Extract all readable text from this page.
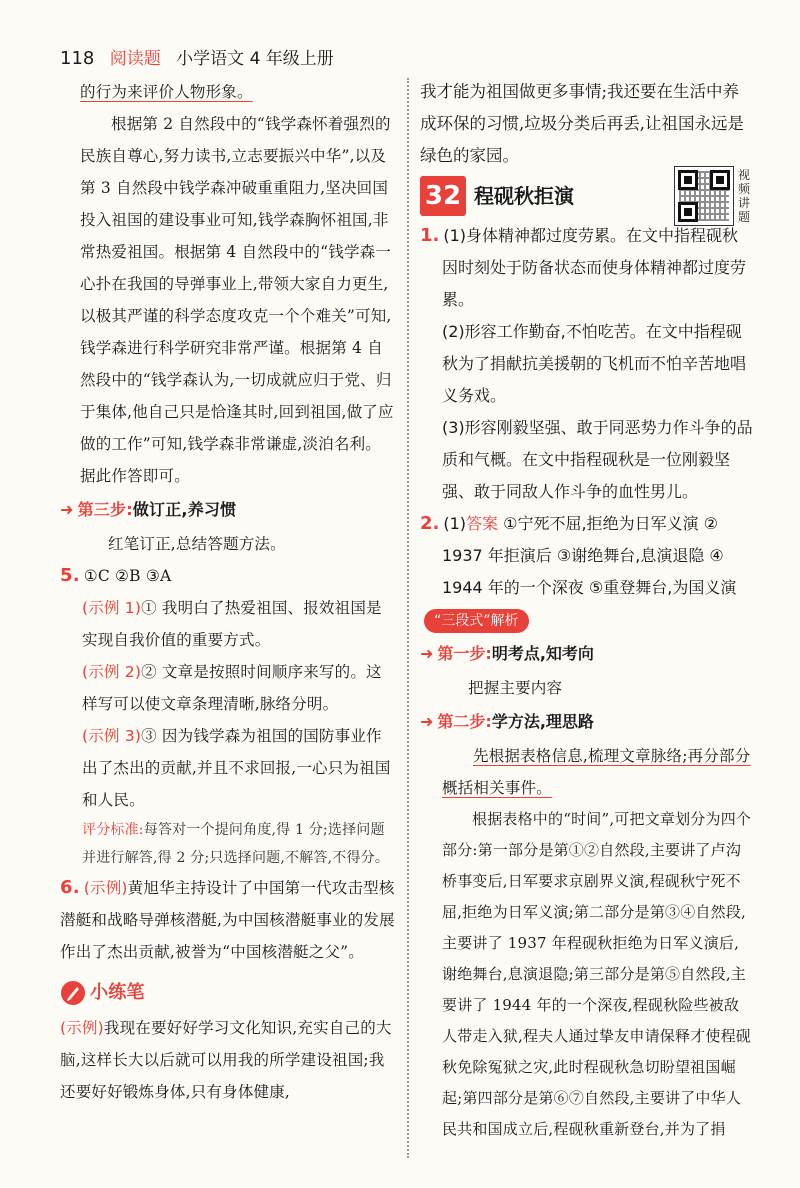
118 阅读题 小学语文 4 年级上册

的行为来评价人物形象。

根据第 2 自然段中的“钱学森怀着强烈的民族自尊心,努力读书,立志要振兴中华”,以及第 3 自然段中钱学森冲破重重阻力,坚决回国投入祖国的建设事业可知,钱学森胸怀祖国,非常热爱祖国。根据第 4 自然段中的“钱学森一心扑在我国的导弹事业上,带领大家自力更生,以极其严谨的科学态度攻克一个个难关”可知,钱学森进行科学研究非常严谨。根据第 4 自然段中的“钱学森认为,一切成就应归于党、归于集体,他自己只是恰逢其时,回到祖国,做了应做的工作”可知,钱学森非常谦虚,淡泊名利。据此作答即可。

➜ 第三步:做订正,养习惯

红笔订正,总结答题方法。

5. ①C ②B ③A

(示例 1)① 我明白了热爱祖国、报效祖国是实现自我价值的重要方式。

(示例 2)② 文章是按照时间顺序来写的。这样写可以使文章条理清晰,脉络分明。

(示例 3)③ 因为钱学森为祖国的国防事业作出了杰出的贡献,并且不求回报,一心只为祖国和人民。

评分标准:每答对一个提问角度,得 1 分;选择问题并进行解答,得 2 分;只选择问题,不解答,不得分。

6. (示例)黄旭华主持设计了中国第一代攻击型核潜艇和战略导弹核潜艇,为中国核潜艇事业的发展作出了杰出贡献,被誉为“中国核潜艇之父”。

小练笔

(示例)我现在要好好学习文化知识,充实自己的大脑,这样长大以后就可以用我的所学建设祖国;我还要好好锻炼身体,只有身体健康,

我才能为祖国做更多事情;我还要在生活中养成环保的习惯,垃圾分类后再丢,让祖国永远是绿色的家园。

32 程砚秋拒演
视频讲题

1. (1)身体精神都过度劳累。在文中指程砚秋因时刻处于防备状态而使身体精神都过度劳累。

(2)形容工作勤奋,不怕吃苦。在文中指程砚秋为了捐献抗美援朝的飞机而不怕辛苦地唱义务戏。

(3)形容刚毅坚强、敢于同恶势力作斗争的品质和气概。在文中指程砚秋是一位刚毅坚强、敢于同敌人作斗争的血性男儿。

2. (1)答案 ①宁死不屈,拒绝为日军义演 ② 1937 年拒演后 ③谢绝舞台,息演退隐 ④ 1944 年的一个深夜 ⑤重登舞台,为国义演

“三段式”解析
➜ 第一步:明考点,知考向

把握主要内容

➜ 第二步:学方法,理思路

先根据表格信息,梳理文章脉络;再分部分概括相关事件。

根据表格中的“时间”,可把文章划分为四个部分:第一部分是第①②自然段,主要讲了卢沟桥事变后,日军要求京剧界义演,程砚秋宁死不屈,拒绝为日军义演;第二部分是第③④自然段,主要讲了 1937 年程砚秋拒绝为日军义演后,谢绝舞台,息演退隐;第三部分是第⑤自然段,主要讲了 1944 年的一个深夜,程砚秋险些被敌人带走入狱,程夫人通过挚友申请保释才使程砚秋免除冤狱之灾,此时程砚秋急切盼望祖国崛起;第四部分是第⑥⑦自然段,主要讲了中华人民共和国成立后,程砚秋重新登台,并为了捐
